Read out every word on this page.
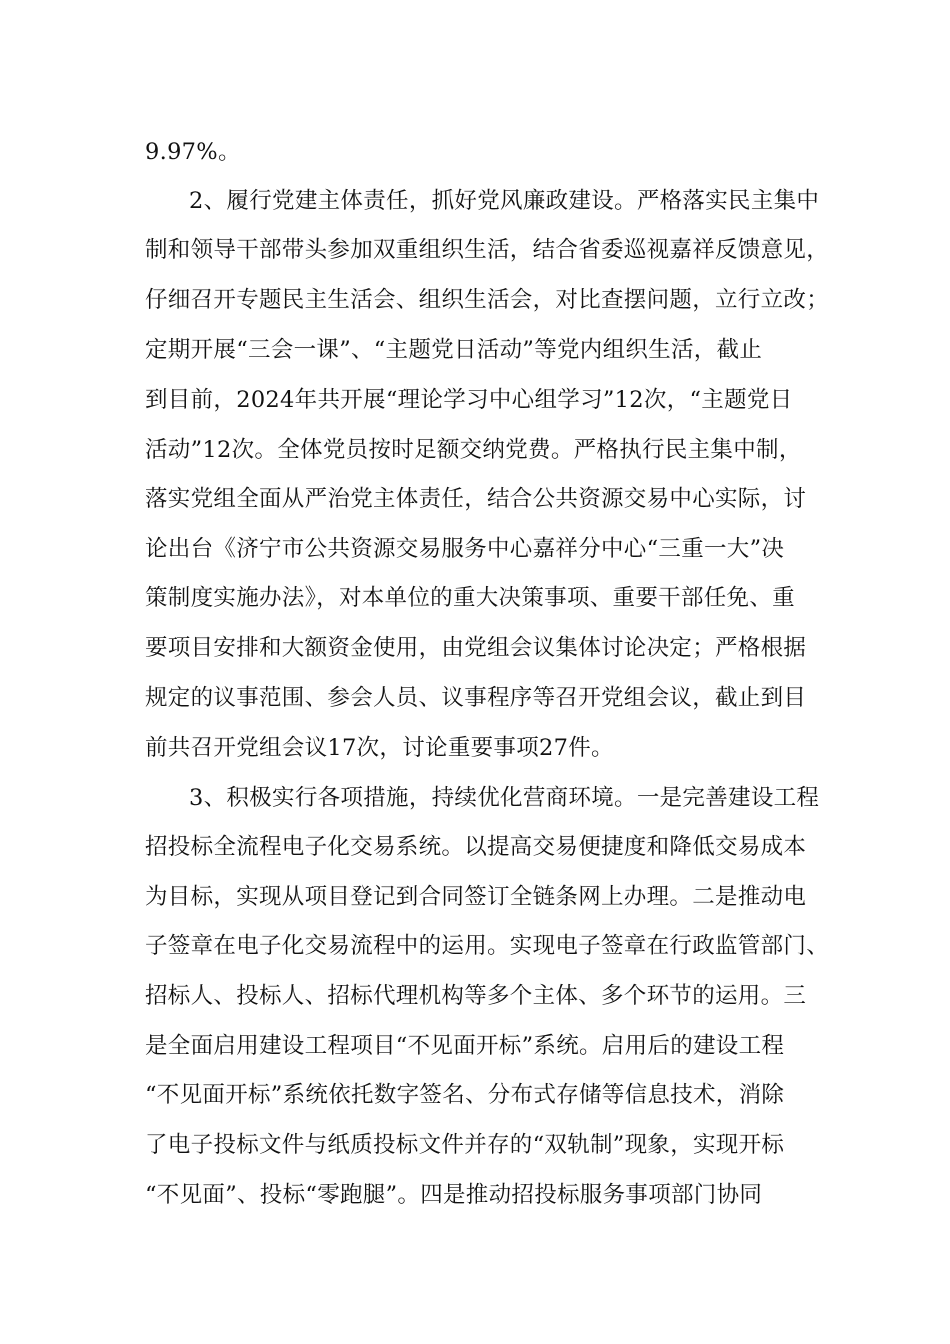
9.97%。
2、履行党建主体责任，抓好党风廉政建设。严格落实民主集中
制和领导干部带头参加双重组织生活，结合省委巡视嘉祥反馈意见，
仔细召开专题民主生活会、组织生活会，对比查摆问题，立行立改；
定期开展“三会一课”、“主题党日活动”等党内组织生活，截止
到目前，2024年共开展“理论学习中心组学习”12次，“主题党日
活动”12次。全体党员按时足额交纳党费。严格执行民主集中制，
落实党组全面从严治党主体责任，结合公共资源交易中心实际，讨
论出台《济宁市公共资源交易服务中心嘉祥分中心“三重一大”决
策制度实施办法》，对本单位的重大决策事项、重要干部任免、重
要项目安排和大额资金使用，由党组会议集体讨论决定；严格根据
规定的议事范围、参会人员、议事程序等召开党组会议，截止到目
前共召开党组会议17次，讨论重要事项27件。
3、积极实行各项措施，持续优化营商环境。一是完善建设工程
招投标全流程电子化交易系统。以提高交易便捷度和降低交易成本
为目标，实现从项目登记到合同签订全链条网上办理。二是推动电
子签章在电子化交易流程中的运用。实现电子签章在行政监管部门、
招标人、投标人、招标代理机构等多个主体、多个环节的运用。三
是全面启用建设工程项目“不见面开标”系统。启用后的建设工程
“不见面开标”系统依托数字签名、分布式存储等信息技术，消除
了电子投标文件与纸质投标文件并存的“双轨制”现象，实现开标
“不见面”、投标“零跑腿”。四是推动招投标服务事项部门协同
